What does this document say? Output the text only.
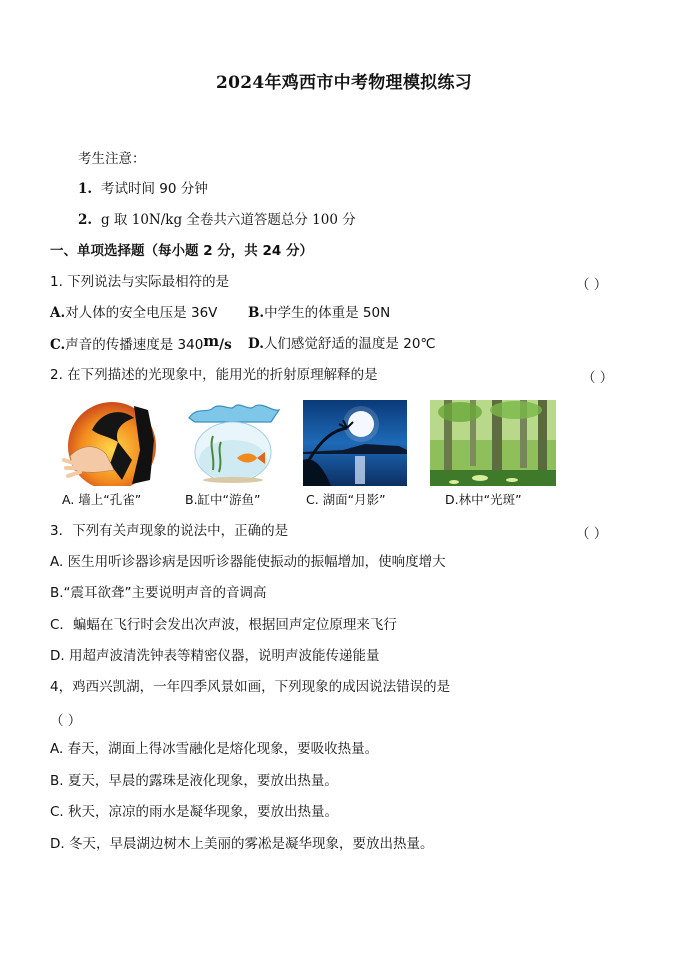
2024年鸡西市中考物理模拟练习
考生注意：
1. 考试时间 90 分钟
2. g 取 10N/kg 全卷共六道答题总分 100 分
一、单项选择题（每小题 2 分，共 24 分）
1. 下列说法与实际最相符的是	（ ）
A.对人体的安全电压是 36V B.中学生的体重是 50N
C.声音的传播速度是 340m/s D.人们感觉舒适的温度是 20℃
2. 在下列描述的光现象中，能用光的折射原理解释的是	（ ）
A. 墙上“孔雀”	B.缸中“游鱼”	C. 湖面“月影”	D.林中“光斑”
3．下列有关声现象的说法中，正确的是	（ ）
A. 医生用听诊器诊病是因听诊器能使振动的振幅增加，使响度增大
B.“震耳欲聋”主要说明声音的音调高
C．蝙蝠在飞行时会发出次声波，根据回声定位原理来飞行
D. 用超声波清洗钟表等精密仪器，说明声波能传递能量
4，鸡西兴凯湖，一年四季风景如画，下列现象的成因说法错误的是
（ ）
A. 春天，湖面上得冰雪融化是熔化现象，要吸收热量。
B. 夏天，早晨的露珠是液化现象，要放出热量。
C. 秋天，凉凉的雨水是凝华现象，要放出热量。
D. 冬天，早晨湖边树木上美丽的雾凇是凝华现象，要放出热量。
